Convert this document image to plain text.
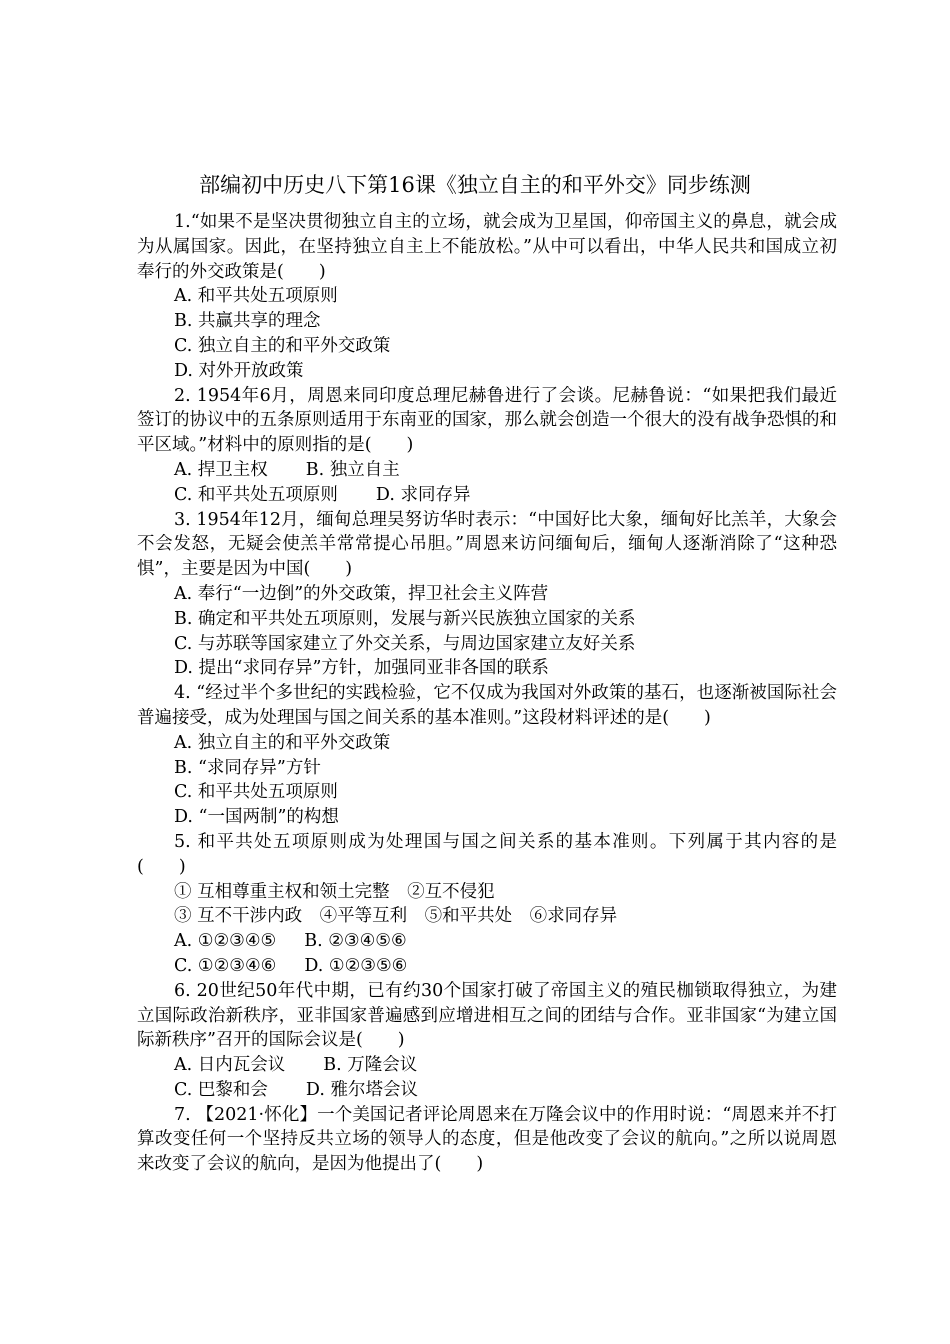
部编初中历史八下第16课《独立自主的和平外交》同步练测

1.“如果不是坚决贯彻独立自主的立场，就会成为卫星国，仰帝国主义的鼻息，就会成为从属国家。因此，在坚持独立自主上不能放松。”从中可以看出，中华人民共和国成立初奉行的外交政策是(　　)

A. 和平共处五项原则

B. 共赢共享的理念

C. 独立自主的和平外交政策

D. 对外开放政策

2. 1954年6月，周恩来同印度总理尼赫鲁进行了会谈。尼赫鲁说：“如果把我们最近签订的协议中的五条原则适用于东南亚的国家，那么就会创造一个很大的没有战争恐惧的和平区域。”材料中的原则指的是(　　)

A. 捍卫主权 B. 独立自主

C. 和平共处五项原则 D. 求同存异

3. 1954年12月，缅甸总理吴努访华时表示：“中国好比大象，缅甸好比羔羊，大象会不会发怒，无疑会使羔羊常常提心吊胆。”周恩来访问缅甸后，缅甸人逐渐消除了“这种恐惧”，主要是因为中国(　　)

A. 奉行“一边倒”的外交政策，捍卫社会主义阵营

B. 确定和平共处五项原则，发展与新兴民族独立国家的关系

C. 与苏联等国家建立了外交关系，与周边国家建立友好关系

D. 提出“求同存异”方针，加强同亚非各国的联系

4. “经过半个多世纪的实践检验，它不仅成为我国对外政策的基石，也逐渐被国际社会普遍接受，成为处理国与国之间关系的基本准则。”这段材料评述的是(　　)

A. 独立自主的和平外交政策

B. “求同存异”方针

C. 和平共处五项原则

D. “一国两制”的构想

5. 和平共处五项原则成为处理国与国之间关系的基本准则。下列属于其内容的是(　　)

① 互相尊重主权和领土完整　 ②互不侵犯

③ 互不干涉内政　 ④平等互利　 ⑤和平共处　 ⑥求同存异

A. ①②③④⑤ B. ②③④⑤⑥

C. ①②③④⑥ D. ①②③⑤⑥

6. 20世纪50年代中期，已有约30个国家打破了帝国主义的殖民枷锁取得独立，为建立国际政治新秩序，亚非国家普遍感到应增进相互之间的团结与合作。亚非国家“为建立国际新秩序”召开的国际会议是(　　)

A. 日内瓦会议 B. 万隆会议

C. 巴黎和会 D. 雅尔塔会议

7. 【2021·怀化】一个美国记者评论周恩来在万隆会议中的作用时说：“周恩来并不打算改变任何一个坚持反共立场的领导人的态度，但是他改变了会议的航向。”之所以说周恩来改变了会议的航向，是因为他提出了(　　)
